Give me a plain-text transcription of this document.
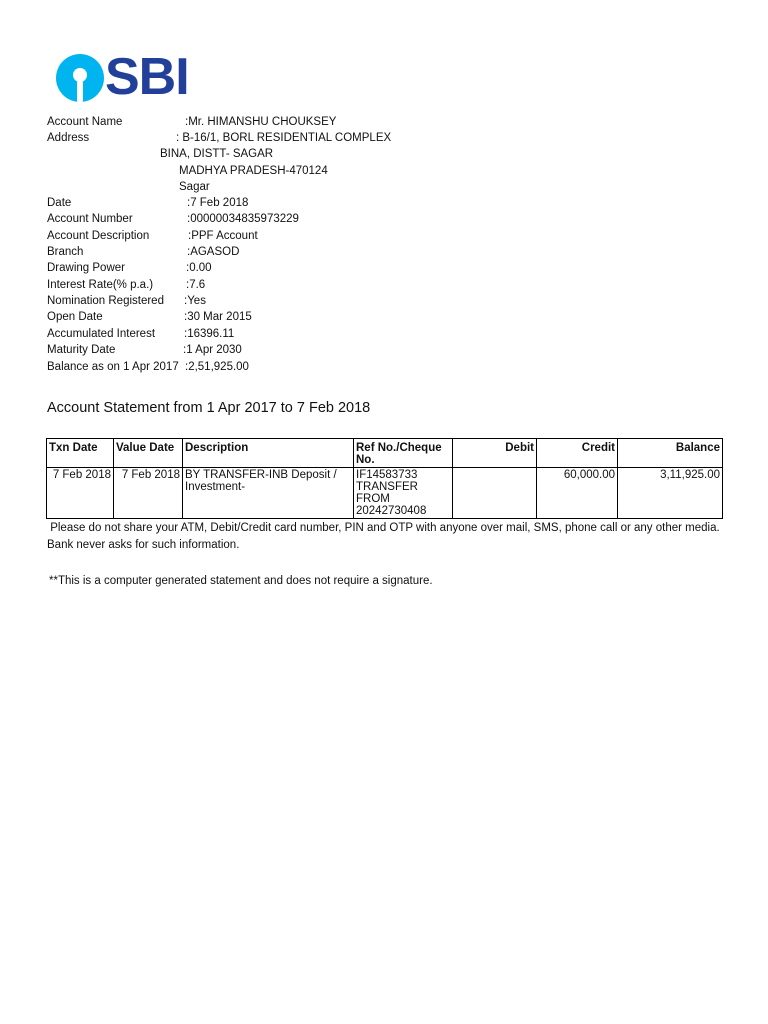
SBI
Account Name	:Mr. HIMANSHU CHOUKSEY
Address	: B-16/1, BORL RESIDENTIAL COMPLEX
BINA, DISTT- SAGAR
MADHYA PRADESH-470124
Sagar
Date	:7 Feb 2018
Account Number	:00000034835973229
Account Description	:PPF Account
Branch	:AGASOD
Drawing Power	:0.00
Interest Rate(% p.a.)	:7.6
Nomination Registered :Yes
Open Date	:30 Mar 2015
Accumulated Interest	:16396.11
Maturity Date	:1 Apr 2030
Balance as on 1 Apr 2017 :2,51,925.00
Account Statement from 1 Apr 2017 to 7 Feb 2018
Txn Date	Value Date	Description	Ref No./Cheque No.	Debit	Credit	Balance
7 Feb 2018	7 Feb 2018	BY TRANSFER-INB Deposit / Investment-	IF14583733 TRANSFER FROM 20242730408		60,000.00	3,11,925.00
Please do not share your ATM, Debit/Credit card number, PIN and OTP with anyone over mail, SMS, phone call or any other media. Bank never asks for such information.
**This is a computer generated statement and does not require a signature.
